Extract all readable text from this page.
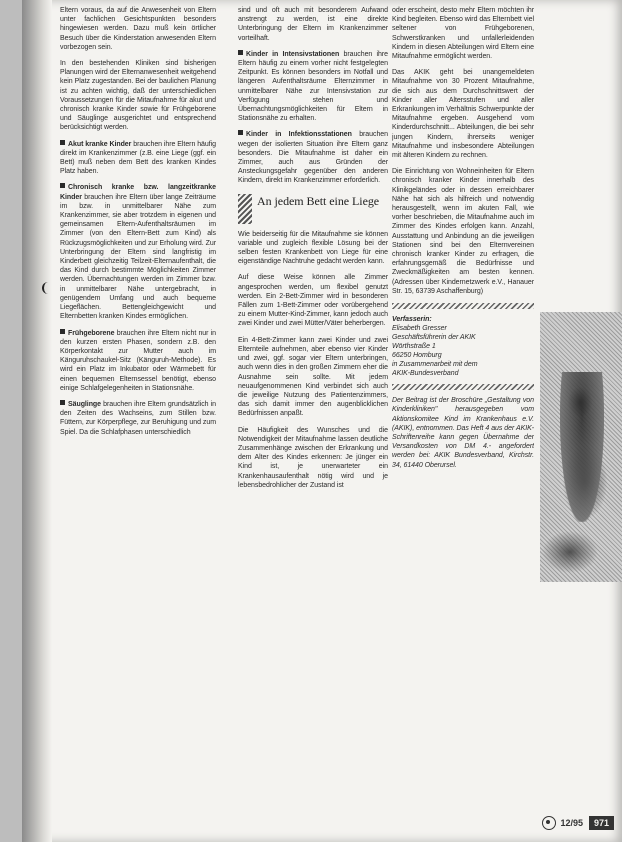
Eltern voraus, da auf die Anwesenheit von Eltern unter fachlichen Gesichtspunkten besonders hingewiesen werden. Dazu muß kein örtlicher Besuch über die Kinderstation anwesenden Eltern vorbezogen sein.

In den bestehenden Kliniken sind bisherigen Planungen wird der Elternanwesenheit weitgehend kein Platz zugestanden. Bei der baulichen Planung ist zu achten wichtig, daß der unterschiedlichen Voraussetzungen für die Mitaufnahme für akut und chronisch kranke Kinder sowie für Frühgeborene und Säuglinge ausgerichtet und entsprechend berücksichtigt werden.

Akut kranke Kinder brauchen ihre Eltern häufig direkt im Krankenzimmer (z.B. eine Liege (ggf. ein Bett) muß neben dem Bett des kranken Kindes Platz haben.

Chronisch kranke bzw. langzeitkranke Kinder brauchen ihre Eltern über lange Zeiträume im bzw. in unmittelbarer Nähe zum Krankenzimmer, sie aber trotzdem in eigenen und gemeinsamen Eltern-Aufenthaltsräumen im Zimmer (von den Eltern-Bett zum Kind) als Rückzugsmöglichkeiten und zur Erholung wird. Zur Unterbringung der Eltern sind langfristig im Kinderbett gleichzeitig Teilzeit-Elternaufenthalt, die das Kind durch bestimmte Möglichkeiten Zimmer werden. Übernachtungen werden im Zimmer bzw. in unmittelbarer Nähe untergebracht, in genügendem Umfang und auch bequeme Liegeflächen. Bettengleichgewicht und Elternbetten kranken Kindes ermöglichen.

Frühgeborene brauchen ihre Eltern nicht nur in den kurzen ersten Phasen, sondern z.B. den Körperkontakt zur Mutter auch im Känguruhschaukel-Sitz (Känguruh-Methode). Es wird ein Platz im Inkubator oder Wärmebett für einen bequemen Elternsessel benötigt, ebenso einige Schlafgelegenheiten in Stationsnähe.

Säuglinge brauchen ihre Eltern grundsätzlich in den Zeiten des Wachseins, zum Stillen bzw. Füttern, zur Körperpflege, zur Beruhigung und zum Spiel. Da die Schlafphasen unterschiedlich

sind und oft auch mit besonderem Aufwand anstrengt zu werden, ist eine direkte Unterbringung der Eltern im Krankenzimmer vorteilhaft.

Kinder in Intensivstationen brauchen ihre Eltern häufig zu einem vorher nicht festgelegten Zeitpunkt. Es können besonders im Notfall und längeren Aufenthaltsräume Elternzimmer in unmittelbarer Nähe zur Intensivstation zur Verfügung stehen und Übernachtungsmöglichkeiten für Eltern in Stationsnähe zu erhalten.

Kinder in Infektionsstationen brauchen wegen der isolierten Situation ihre Eltern ganz besonders. Die Mitaufnahme ist daher ein Zimmer, auch aus Gründen der Ansteckungsgefahr gegenüber den anderen Kindern, direkt im Krankenzimmer erforderlich.

An jedem Bett eine Liege

Wie beiderseitig für die Mitaufnahme sie können variable und zugleich flexible Lösung bei der selben festen Krankenbett von Liege für eine eigenständige Nachtruhe gedacht werden kann.

Auf diese Weise können alle Zimmer angesprochen werden, um flexibel genutzt werden. Ein 2-Bett-Zimmer wird in besonderen Fällen zum 1-Bett-Zimmer oder vorübergehend zu einem Mutter-Kind-Zimmer, kann jedoch auch zwei Kinder und zwei Mütter/Väter beherbergen.

Ein 4-Bett-Zimmer kann zwei Kinder und zwei Elternteile aufnehmen, aber ebenso vier Kinder und zwei, ggf. sogar vier Eltern unterbringen, auch wenn dies in den großen Zimmern eher die Ausnahme sein sollte. Mit jedem neuaufgenommenen Kind verbindet sich auch die jeweilige Nutzung des Patientenzimmers, das sich damit immer den augenblicklichen Bedürfnissen anpaßt.

Die Häufigkeit des Wunsches und die Notwendigkeit der Mitaufnahme lassen deutliche Zusammenhänge zwischen der Erkrankung und dem Alter des Kindes erkennen: Je jünger ein Kind ist, je unerwarteter ein Krankenhausaufenthalt nötig wird und je lebensbedrohlicher der Zustand ist

oder erscheint, desto mehr Eltern möchten ihr Kind begleiten. Ebenso wird das Elternbett viel seltener von Frühgeborenen, Schwerstkranken und unfallerleidenden Kindern in diesen Abteilungen wird Eltern eine Mitaufnahme ermöglicht werden.

Das AKIK geht bei unangemeldeten Mitaufnahme von 30 Prozent Mitaufnahme, die sich aus dem Durchschnittswert der Kinder aller Altersstufen und aller Erkrankungen im Verhältnis Schwerpunkte der Mitaufnahme ergeben. Ausgehend vom Kinderdurchschnitt... Abteilungen, die bei sehr jungen Kindern, ihrerseits weniger Mitaufnahme und insbesondere Abteilungen mit älteren Kindern zu rechnen.

Die Einrichtung von Wohneinheiten für Eltern chronisch kranker Kinder innerhalb des Klinikgeländes oder in dessen erreichbarer Nähe hat sich als hilfreich und notwendig herausgestellt, wenn im akuten Fall, wie vorher beschrieben, die Mitaufnahme auch im Zimmer des Kindes erfolgen kann. Anzahl, Ausstattung und Anbindung an die jeweiligen Stationen sind bei den Elternvereinen chronisch kranker Kinder zu erfragen, die erfahrungsgemäß die Bedürfnisse und Zweckmäßigkeiten am besten kennen. (Adressen über Kindernetzwerk e.V., Hanauer Str. 15, 63739 Aschaffenburg)

Verfasserin:
Elisabeth Gresser
Geschäftsführerin der AKIK
Wörthstraße 1
66250 Homburg
in Zusammenarbeit mit dem
AKIK-Bundesverband

Der Beitrag ist der Broschüre „Gestaltung von Kinderkliniken" herausgegeben vom Aktionskomitee Kind im Krankenhaus e.V. (AKIK), entnommen. Das Heft 4 aus der AKIK-Schriftenreihe kann gegen Übernahme der Versandkosten von DM 4.- angefordert werden bei: AKIK Bundesverband, Kirchstr. 34, 61440 Oberursel.

12/95	971
